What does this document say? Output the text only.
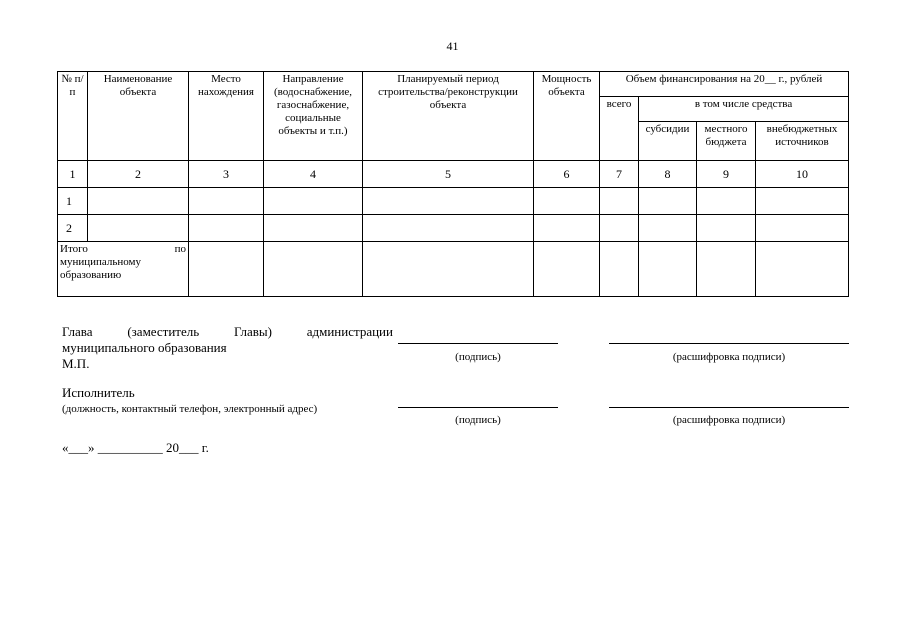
41
№ п/п	Наименование объекта	Место нахождения	Направление (водоснабжение, газоснабжение, социальные объекты и т.п.)	Планируемый период строительства/реконструкции объекта	Мощность объекта	Объем финансирования на 20__ г., рублей			
						всего	в том числе средства		
							субсидии	местного бюджета	внебюджетных источников
1	2	3	4	5	6	7	8	9	10
1									
2									

Итого по
муниципальному
образованию									

Глава	(заместитель	Главы)	администрации
муниципального образования
М.П.	(подпись)	(расшифровка подписи)
Исполнитель
(должность, контактный телефон, электронный адрес)
(подпись)	(расшифровка подписи)
«___» __________ 20___ г.
